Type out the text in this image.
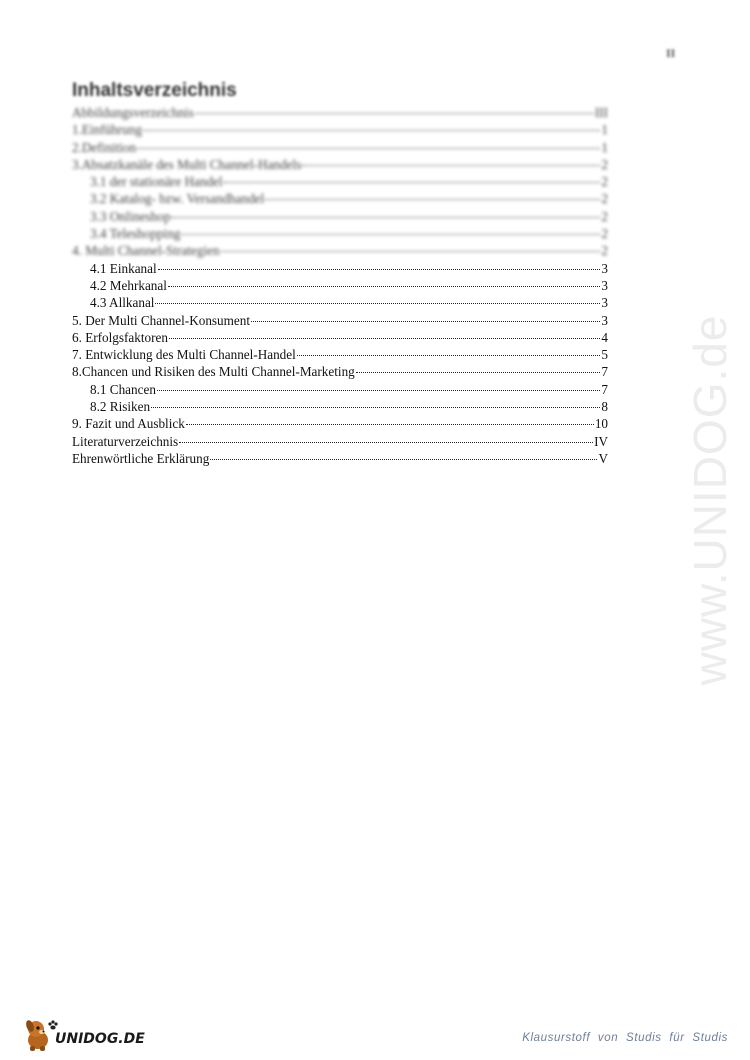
II
Inhaltsverzeichnis
Abbildungsverzeichnis	III
1.Einführung	1
2.Definition	1
3.Absatzkanäle des Multi Channel-Handels	2
3.1 der stationäre Handel	2
3.2 Katalog- bzw. Versandhandel	2
3.3 Onlineshop	2
3.4 Teleshopping	2
4. Multi Channel-Strategien	2
4.1 Einkanal	3
4.2 Mehrkanal	3
4.3 Allkanal	3
5. Der Multi Channel-Konsument	3
6. Erfolgsfaktoren	4
7. Entwicklung des Multi Channel-Handel	5
8.Chancen und Risiken des Multi Channel-Marketing	7
8.1 Chancen	7
8.2 Risiken	8
9. Fazit und Ausblick	10
Literaturverzeichnis	IV
Ehrenwörtliche Erklärung	V www.UNIDOG.de
UNIDOG.DE	Klausurstoff von Studis für Studis
